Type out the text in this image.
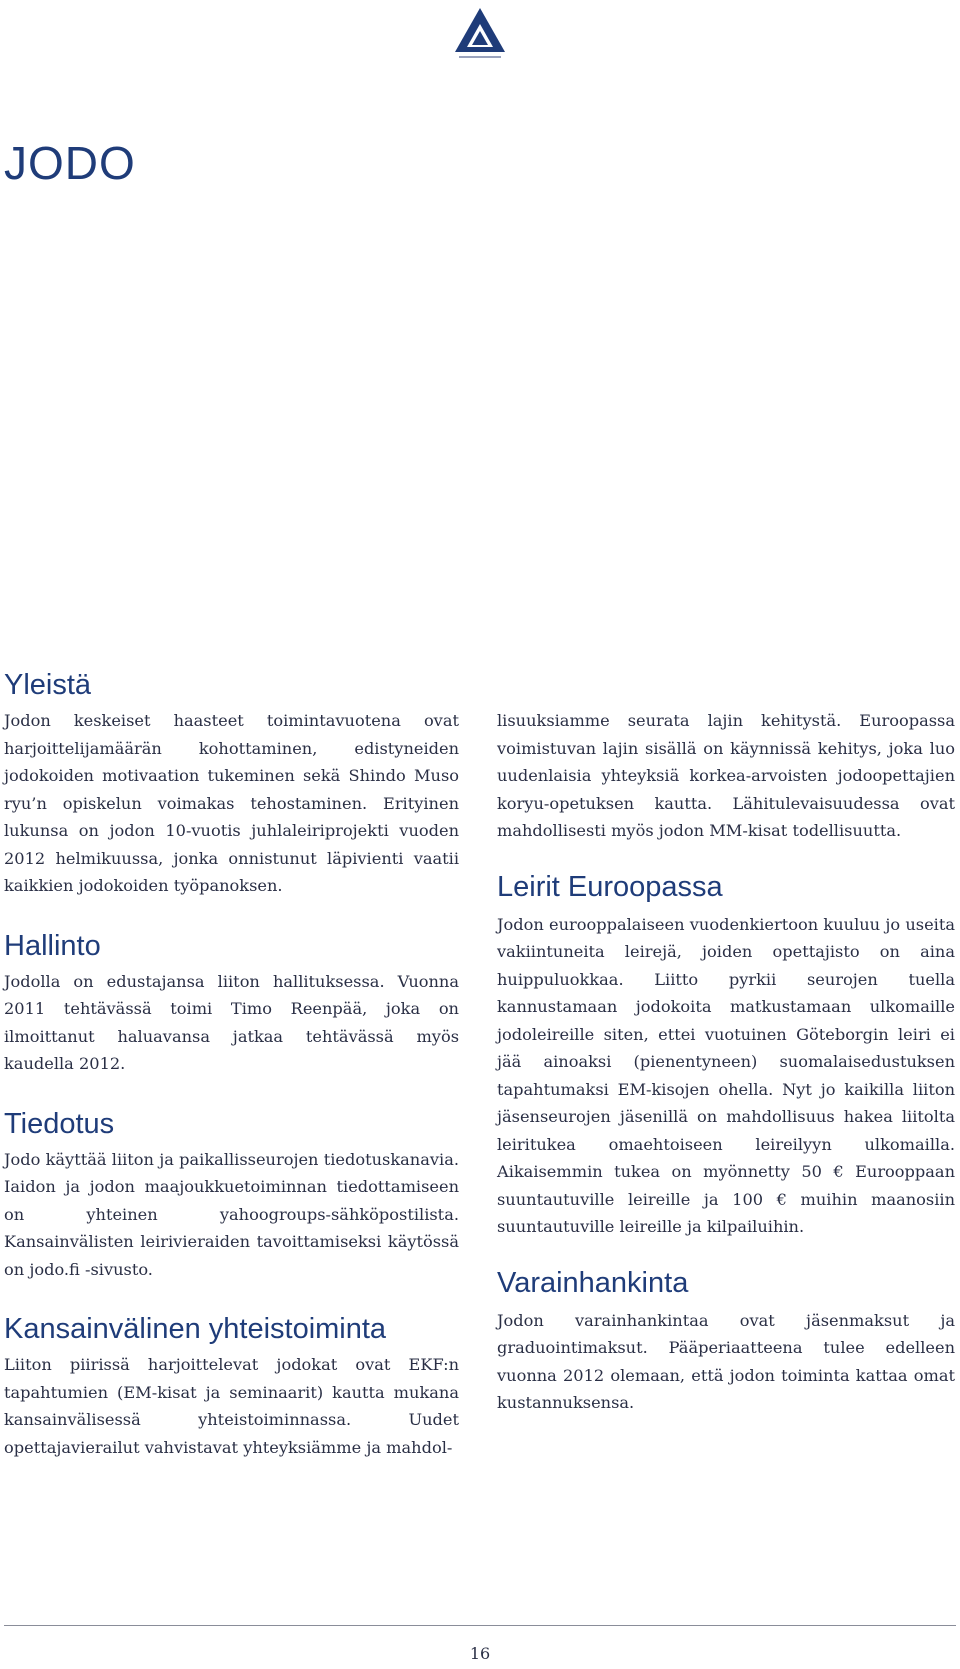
JODO
Yleistä

Jodon keskeiset haasteet toimintavuotena ovat harjoittelijamäärän kohottaminen, edistyneiden jodokoiden motivaation tukeminen sekä Shindo Muso ryu’n opiskelun voimakas tehostaminen. Erityinen lukunsa on jodon 10-vuotis juhlaleiriprojekti vuoden 2012 helmikuussa, jonka onnistunut läpivienti vaatii kaikkien jodokoiden työpanoksen.

Hallinto

Jodolla on edustajansa liiton hallituksessa. Vuonna 2011 tehtävässä toimi Timo Reenpää, joka on ilmoittanut haluavansa jatkaa tehtävässä myös kaudella 2012.

Tiedotus

Jodo käyttää liiton ja paikallisseurojen tiedotuskanavia. Iaidon ja jodon maajoukkuetoiminnan tiedottamiseen on yhteinen yahoogroups-sähköpostilista. Kansainvälisten leirivieraiden tavoittamiseksi käytössä on jodo.fi -sivusto.

Kansainvälinen yhteistoiminta

Liiton piirissä harjoittelevat jodokat ovat EKF:n tapahtumien (EM-kisat ja seminaarit) kautta mukana kansainvälisessä yhteistoiminnassa. Uudet opettajavierailut vahvistavat yhteyksiämme ja mahdol-

lisuuksiamme seurata lajin kehitystä. Euroopassa voimistuvan lajin sisällä on käynnissä kehitys, joka luo uudenlaisia yhteyksiä korkea-arvoisten jodoopettajien koryu-opetuksen kautta. Lähitulevaisuudessa ovat mahdollisesti myös jodon MM-kisat todellisuutta.

Leirit Euroopassa

Jodon eurooppalaiseen vuodenkiertoon kuuluu jo useita vakiintuneita leirejä, joiden opettajisto on aina huippuluokkaa. Liitto pyrkii seurojen tuella kannustamaan jodokoita matkustamaan ulkomaille jodoleireille siten, ettei vuotuinen Göteborgin leiri ei jää ainoaksi (pienentyneen) suomalaisedustuksen tapahtumaksi EM-kisojen ohella. Nyt jo kaikilla liiton jäsenseurojen jäsenillä on mahdollisuus hakea liitolta leiritukea omaehtoiseen leireilyyn ulkomailla. Aikaisemmin tukea on myönnetty 50 € Eurooppaan suuntautuville leireille ja 100 € muihin maanosiin suuntautuville leireille ja kilpailuihin.

Varainhankinta

Jodon varainhankintaa ovat jäsenmaksut ja graduointimaksut. Pääperiaatteena tulee edelleen vuonna 2012 olemaan, että jodon toiminta kattaa omat kustannuksensa.

16
